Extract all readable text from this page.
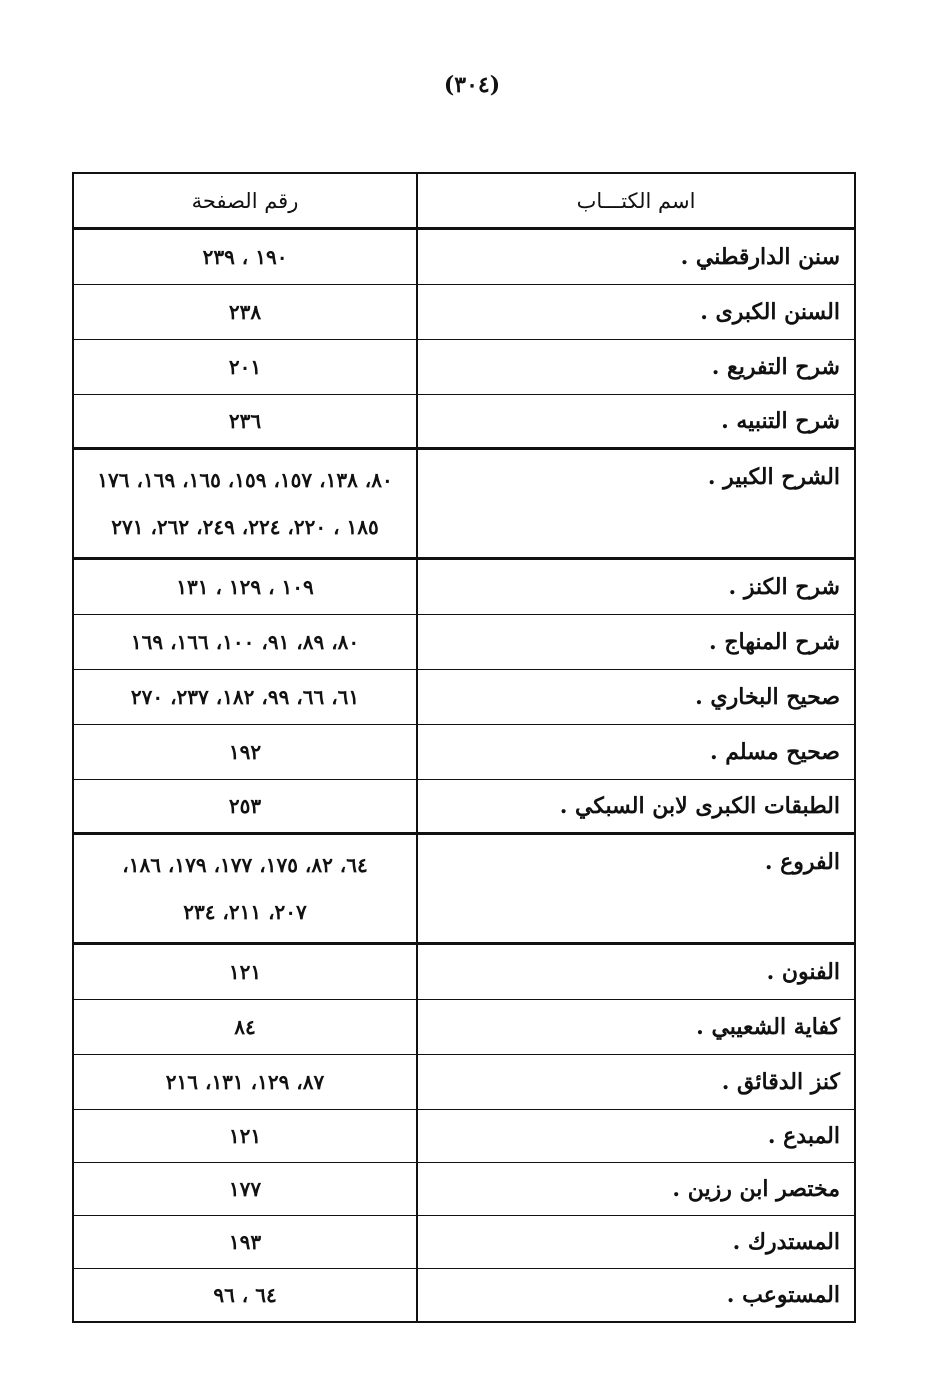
(٣٠٤)
اسم الكتـــاب
رقم الصفحة
سنن الدارقطني .
١٩٠ ، ٢٣٩
السنن الكبرى .
٢٣٨
شرح التفريع .
٢٠١
شرح التنبيه .
٢٣٦
الشرح الكبير .
٨٠، ١٣٨، ١٥٧، ١٥٩، ١٦٥، ١٦٩، ١٧٦
١٨٥ ، ٢٢٠، ٢٢٤، ٢٤٩، ٢٦٢، ٢٧١
شرح الكنز .
١٠٩ ، ١٢٩ ، ١٣١
شرح المنهاج .
٨٠، ٨٩، ٩١، ١٠٠، ١٦٦، ١٦٩
صحيح البخاري .
٦١، ٦٦، ٩٩، ١٨٢، ٢٣٧، ٢٧٠
صحيح مسلم .
١٩٢
الطبقات الكبرى لابن السبكي .
٢٥٣
الفروع .
٦٤، ٨٢، ١٧٥، ١٧٧، ١٧٩، ١٨٦،
٢٠٧، ٢١١، ٢٣٤
الفنون .
١٢١
كفاية الشعيبي .
٨٤
كنز الدقائق .
٨٧، ١٢٩، ١٣١، ٢١٦
المبدع .
١٢١
مختصر ابن رزين .
١٧٧
المستدرك .
١٩٣
المستوعب .
٦٤ ، ٩٦
